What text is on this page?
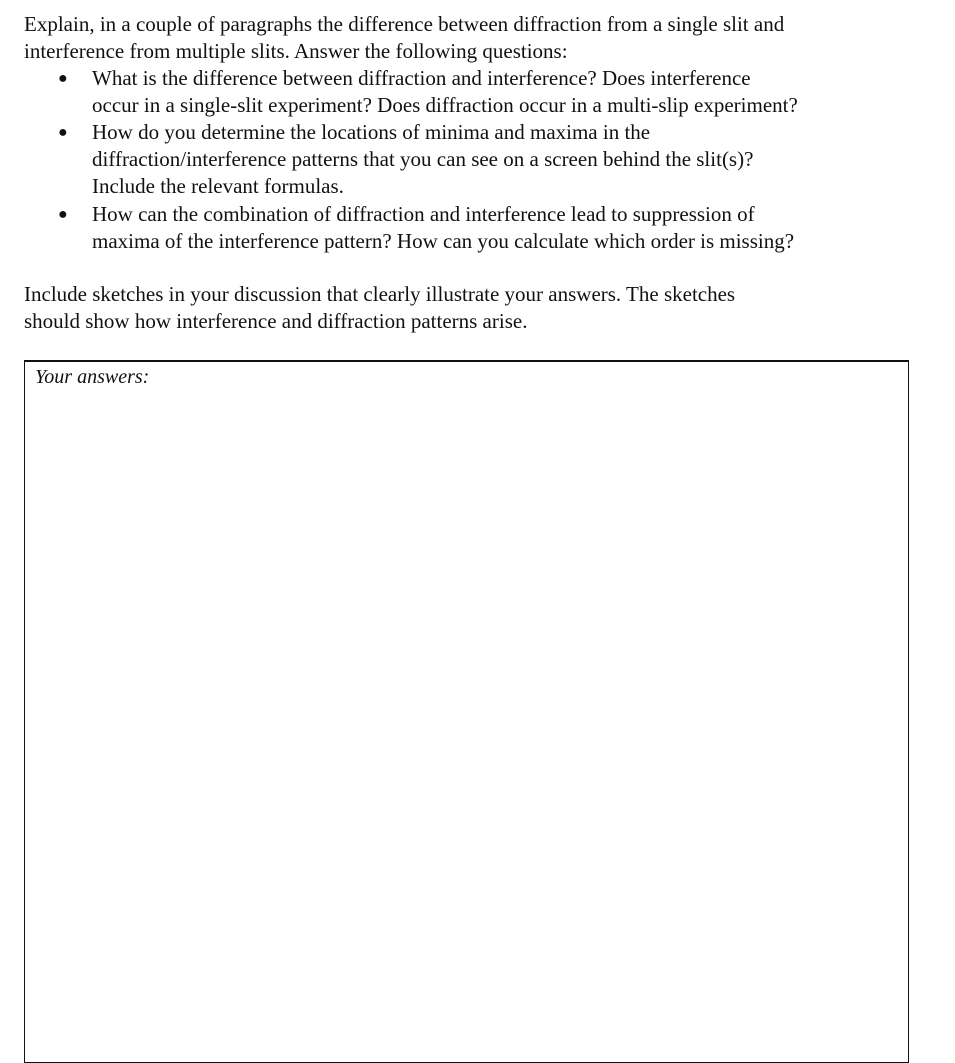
Explain, in a couple of paragraphs the difference between diffraction from a single slit and
interference from multiple slits. Answer the following questions:
● What is the difference between diffraction and interference? Does interference
occur in a single-slit experiment? Does diffraction occur in a multi-slip experiment?
● How do you determine the locations of minima and maxima in the
diffraction/interference patterns that you can see on a screen behind the slit(s)?
Include the relevant formulas.
● How can the combination of diffraction and interference lead to suppression of
maxima of the interference pattern? How can you calculate which order is missing?
Include sketches in your discussion that clearly illustrate your answers. The sketches
should show how interference and diffraction patterns arise.
Your answers:
